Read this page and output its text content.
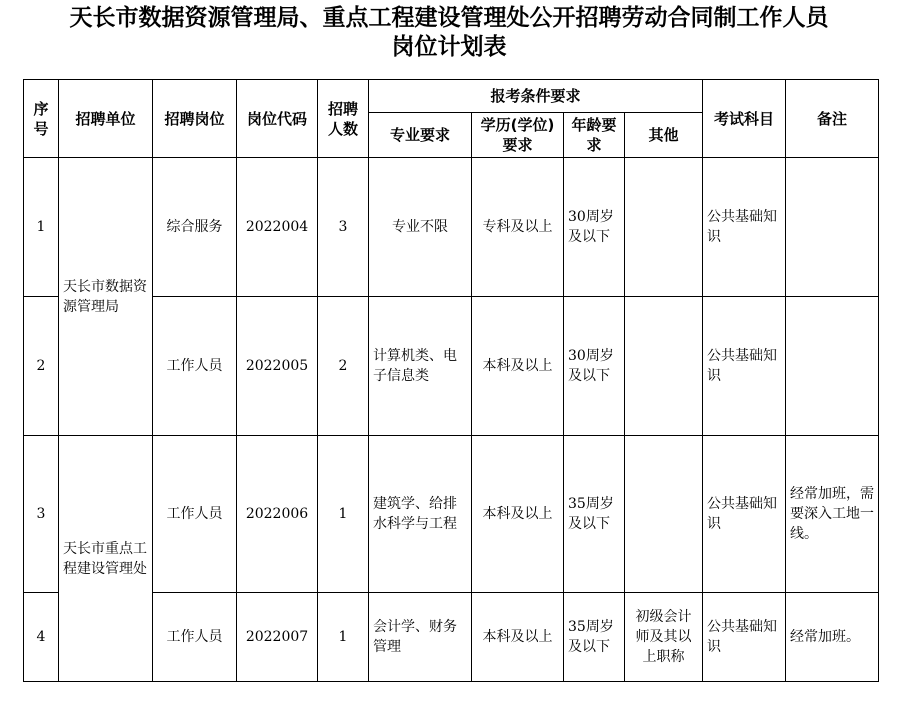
天长市数据资源管理局、重点工程建设管理处公开招聘劳动合同制工作人员
岗位计划表
序号	招聘单位	招聘岗位	岗位代码	招聘人数	报考条件要求				考试科目	备注
					专业要求	学历(学位)要求	年龄要求	其他		
1	天长市数据资源管理局	综合服务	2022004	3	专业不限	专科及以上	30周岁及以下		公共基础知识	
2		工作人员	2022005	2	计算机类、电子信息类	本科及以上	30周岁及以下		公共基础知识	
3	天长市重点工程建设管理处	工作人员	2022006	1	建筑学、给排水科学与工程	本科及以上	35周岁及以下		公共基础知识	经常加班，需要深入工地一线。
4		工作人员	2022007	1	会计学、财务管理	本科及以上	35周岁及以下	初级会计师及其以上职称	公共基础知识	经常加班。
